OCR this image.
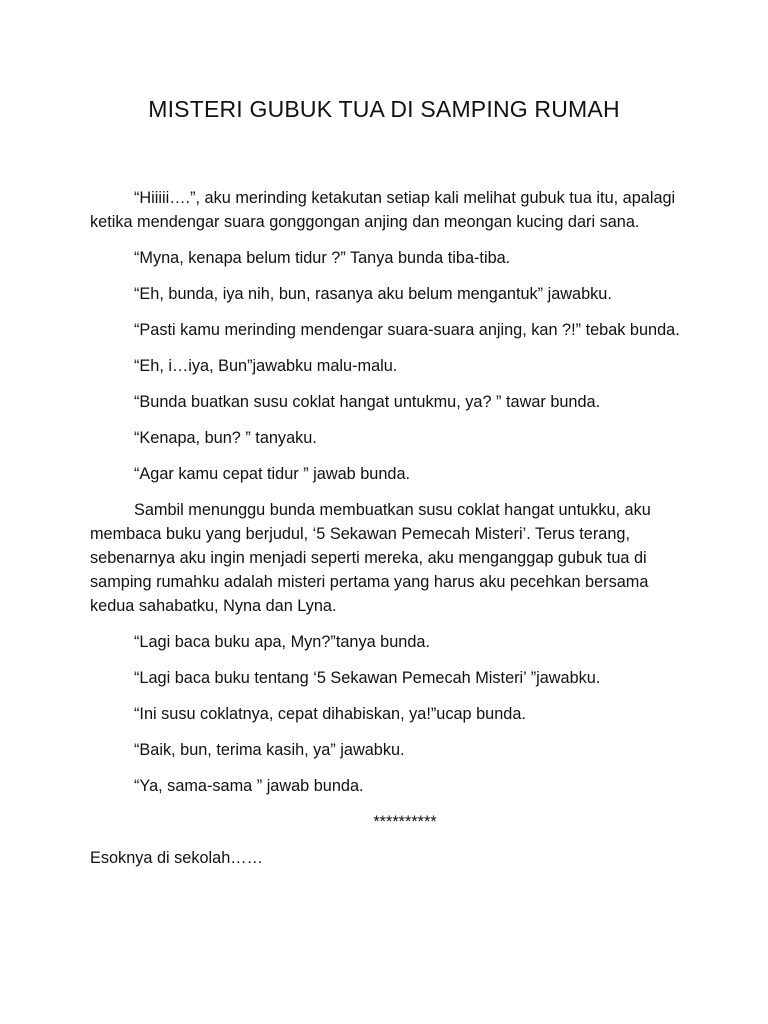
MISTERI GUBUK TUA DI SAMPING RUMAH

“Hiiiii….”, aku merinding ketakutan setiap kali melihat gubuk tua itu, apalagi ketika mendengar suara gonggongan anjing dan meongan kucing dari sana.

“Myna, kenapa belum tidur ?” Tanya bunda tiba-tiba.

“Eh, bunda, iya nih, bun, rasanya aku belum mengantuk” jawabku.

“Pasti kamu merinding mendengar suara-suara anjing, kan ?!” tebak bunda.

“Eh, i…iya, Bun”jawabku malu-malu.

“Bunda buatkan susu coklat hangat untukmu, ya? ” tawar bunda.

“Kenapa, bun? ” tanyaku.

“Agar kamu cepat tidur ” jawab bunda.

Sambil menunggu bunda membuatkan susu coklat hangat untukku, aku membaca buku yang berjudul, ‘5 Sekawan Pemecah Misteri’. Terus terang, sebenarnya aku ingin menjadi seperti mereka, aku menganggap gubuk tua di samping rumahku adalah misteri pertama yang harus aku pecehkan bersama kedua sahabatku, Nyna dan Lyna.

“Lagi baca buku apa, Myn?”tanya bunda.

“Lagi baca buku tentang ‘5 Sekawan Pemecah Misteri’ ”jawabku.

“Ini susu coklatnya, cepat dihabiskan, ya!”ucap bunda.

“Baik, bun, terima kasih, ya” jawabku.

“Ya, sama-sama ” jawab bunda.

**********

Esoknya di sekolah……
